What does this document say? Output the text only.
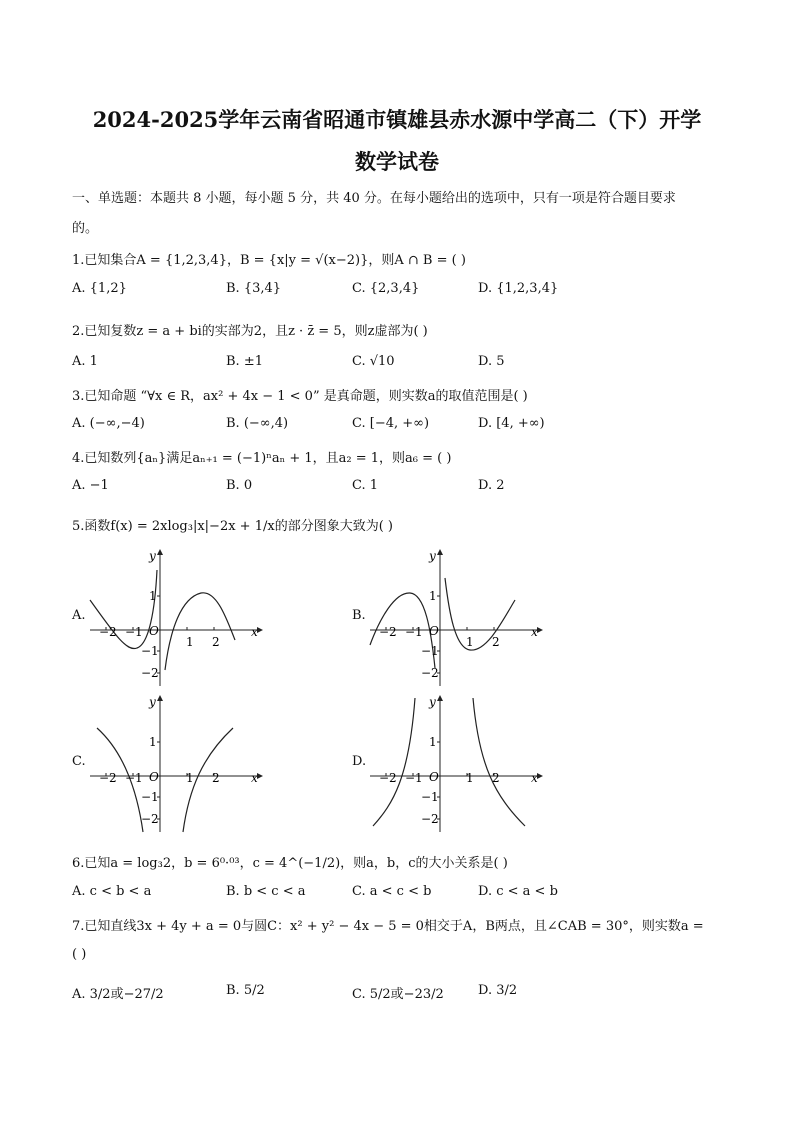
2024-2025学年云南省昭通市镇雄县赤水源中学高二（下）开学
数学试卷
一、单选题：本题共 8 小题，每小题 5 分，共 40 分。在每小题给出的选项中，只有一项是符合题目要求
的。
1.已知集合A = {1,2,3,4}，B = {x|y = √(x−2)}，则A ∩ B = ( )
A. {1,2}	B. {3,4}	C. {2,3,4}	D. {1,2,3,4}
2.已知复数z = a + bi的实部为2，且z · z̄ = 5，则z虚部为( )
A. 1	B. ±1	C. √10	D. 5
3.已知命题 “∀x ∈ R，ax² + 4x − 1 < 0” 是真命题，则实数a的取值范围是( )
A. (−∞,−4)	B. (−∞,4)	C. [−4, +∞)	D. [4, +∞)
4.已知数列{aₙ}满足aₙ₊₁ = (−1)ⁿaₙ + 1，且a₂ = 1，则a₆ = ( )
A. −1	B. 0	C. 1	D. 2
5.函数f(x) = 2xlog₃|x|−2x + 1/x的部分图象大致为( )
A.	B.
C.	D.
y
x
O
−2 −1
1 2
1
−1
−2
y
x
O
−2 −1
1 2
1
−1
−2
y
x
O
−2 −1	1 2
1
−1
−2
y
x
O
−2 −1	1 2
1
−1
−2
6.已知a = log₃2，b = 6⁰·⁰³，c = 4^(−1/2)，则a，b，c的大小关系是( )
A. c < b < a	B. b < c < a	C. a < c < b	D. c < a < b
7.已知直线3x + 4y + a = 0与圆C：x² + y² − 4x − 5 = 0相交于A，B两点，且∠CAB = 30°，则实数a =
( )
A. 3/2或−27/2	B. 5/2	C. 5/2或−23/2	D. 3/2
